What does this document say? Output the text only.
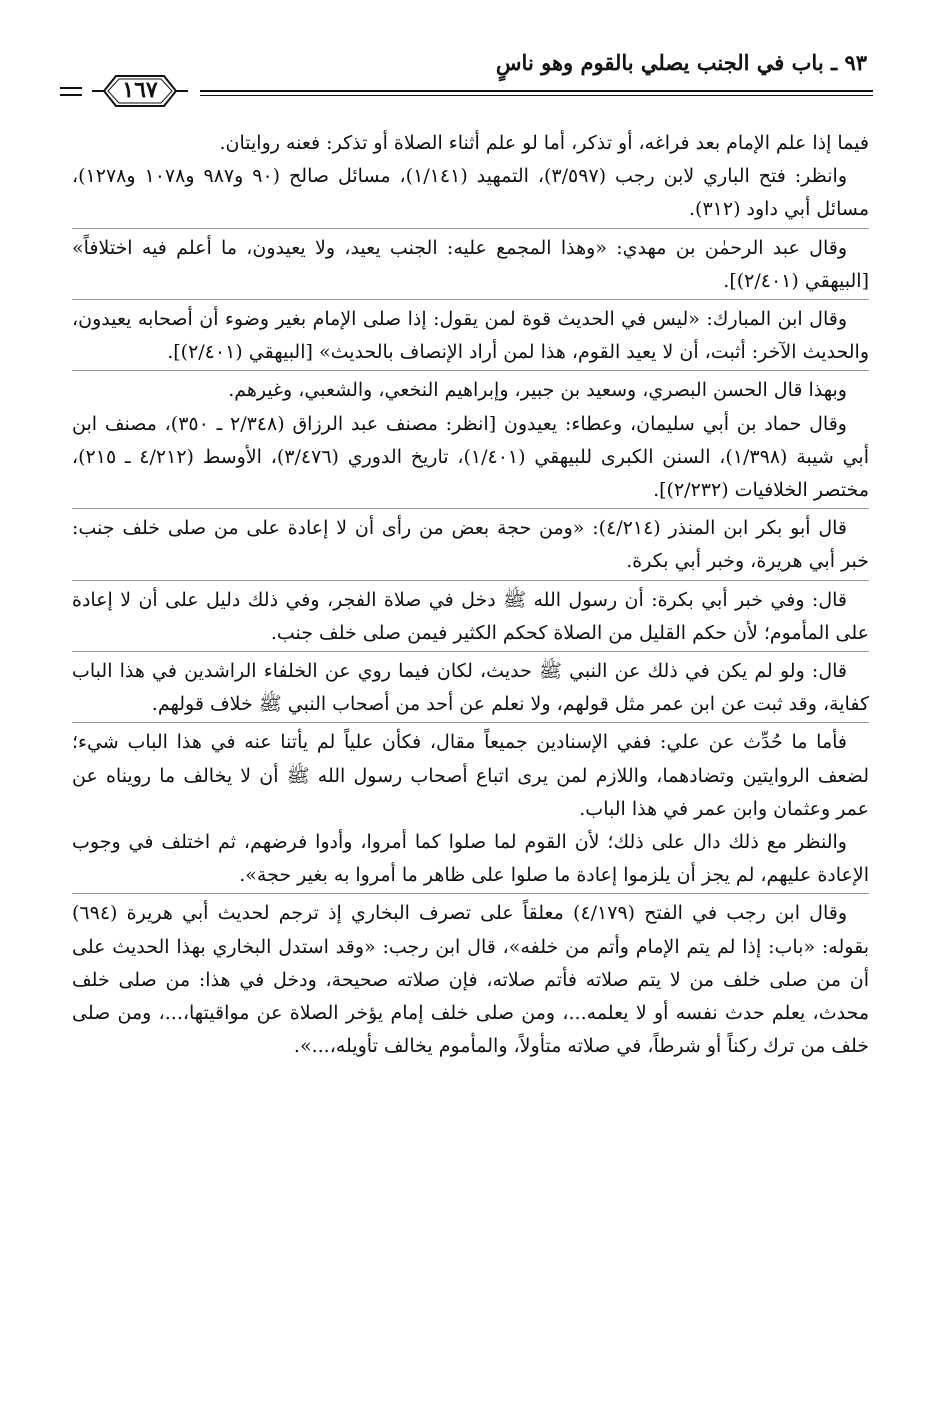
٩٣ ـ باب في الجنب يصلي بالقوم وهو ناسٍ
١٦٧

فيما إذا علم الإمام بعد فراغه، أو تذكر، أما لو علم أثناء الصلاة أو تذكر: فعنه روايتان.

وانظر: فتح الباري لابن رجب (٣/٥٩٧)، التمهيد (١/١٤١)، مسائل صالح (٩٠ و٩٨٧ و١٠٧٨ و١٢٧٨)، مسائل أبي داود (٣١٢).

وقال عبد الرحمٰن بن مهدي: «وهذا المجمع عليه: الجنب يعيد، ولا يعيدون، ما أعلم فيه اختلافاً» [البيهقي (٢/٤٠١)].

وقال ابن المبارك: «ليس في الحديث قوة لمن يقول: إذا صلى الإمام بغير وضوء أن أصحابه يعيدون، والحديث الآخر: أثبت، أن لا يعيد القوم، هذا لمن أراد الإنصاف بالحديث» [البيهقي (٢/٤٠١)].

وبهذا قال الحسن البصري، وسعيد بن جبير، وإبراهيم النخعي، والشعبي، وغيرهم.

وقال حماد بن أبي سليمان، وعطاء: يعيدون [انظر: مصنف عبد الرزاق (٢/٣٤٨ ـ ٣٥٠)، مصنف ابن أبي شيبة (١/٣٩٨)، السنن الكبرى للبيهقي (١/٤٠١)، تاريخ الدوري (٣/٤٧٦)، الأوسط (٤/٢١٢ ـ ٢١٥)، مختصر الخلافيات (٢/٢٣٢)].

قال أبو بكر ابن المنذر (٤/٢١٤): «ومن حجة بعض من رأى أن لا إعادة على من صلى خلف جنب: خبر أبي هريرة، وخبر أبي بكرة.

قال: وفي خبر أبي بكرة: أن رسول الله ﷺ دخل في صلاة الفجر، وفي ذلك دليل على أن لا إعادة على المأموم؛ لأن حكم القليل من الصلاة كحكم الكثير فيمن صلى خلف جنب.

قال: ولو لم يكن في ذلك عن النبي ﷺ حديث، لكان فيما روي عن الخلفاء الراشدين في هذا الباب كفاية، وقد ثبت عن ابن عمر مثل قولهم، ولا نعلم عن أحد من أصحاب النبي ﷺ خلاف قولهم.

فأما ما حُدِّث عن علي: ففي الإسنادين جميعاً مقال، فكأن علياً لم يأتنا عنه في هذا الباب شيء؛ لضعف الروايتين وتضادهما، واللازم لمن يرى اتباع أصحاب رسول الله ﷺ أن لا يخالف ما رويناه عن عمر وعثمان وابن عمر في هذا الباب.

والنظر مع ذلك دال على ذلك؛ لأن القوم لما صلوا كما أمروا، وأدوا فرضهم، ثم اختلف في وجوب الإعادة عليهم، لم يجز أن يلزموا إعادة ما صلوا على ظاهر ما أمروا به بغير حجة».

وقال ابن رجب في الفتح (٤/١٧٩) معلقاً على تصرف البخاري إذ ترجم لحديث أبي هريرة (٦٩٤) بقوله: «باب: إذا لم يتم الإمام وأتم من خلفه»، قال ابن رجب: «وقد استدل البخاري بهذا الحديث على أن من صلى خلف من لا يتم صلاته فأتم صلاته، فإن صلاته صحيحة، ودخل في هذا: من صلى خلف محدث، يعلم حدث نفسه أو لا يعلمه...، ومن صلى خلف إمام يؤخر الصلاة عن مواقيتها،...، ومن صلى خلف من ترك ركناً أو شرطاً، في صلاته متأولاً، والمأموم يخالف تأويله،...».
